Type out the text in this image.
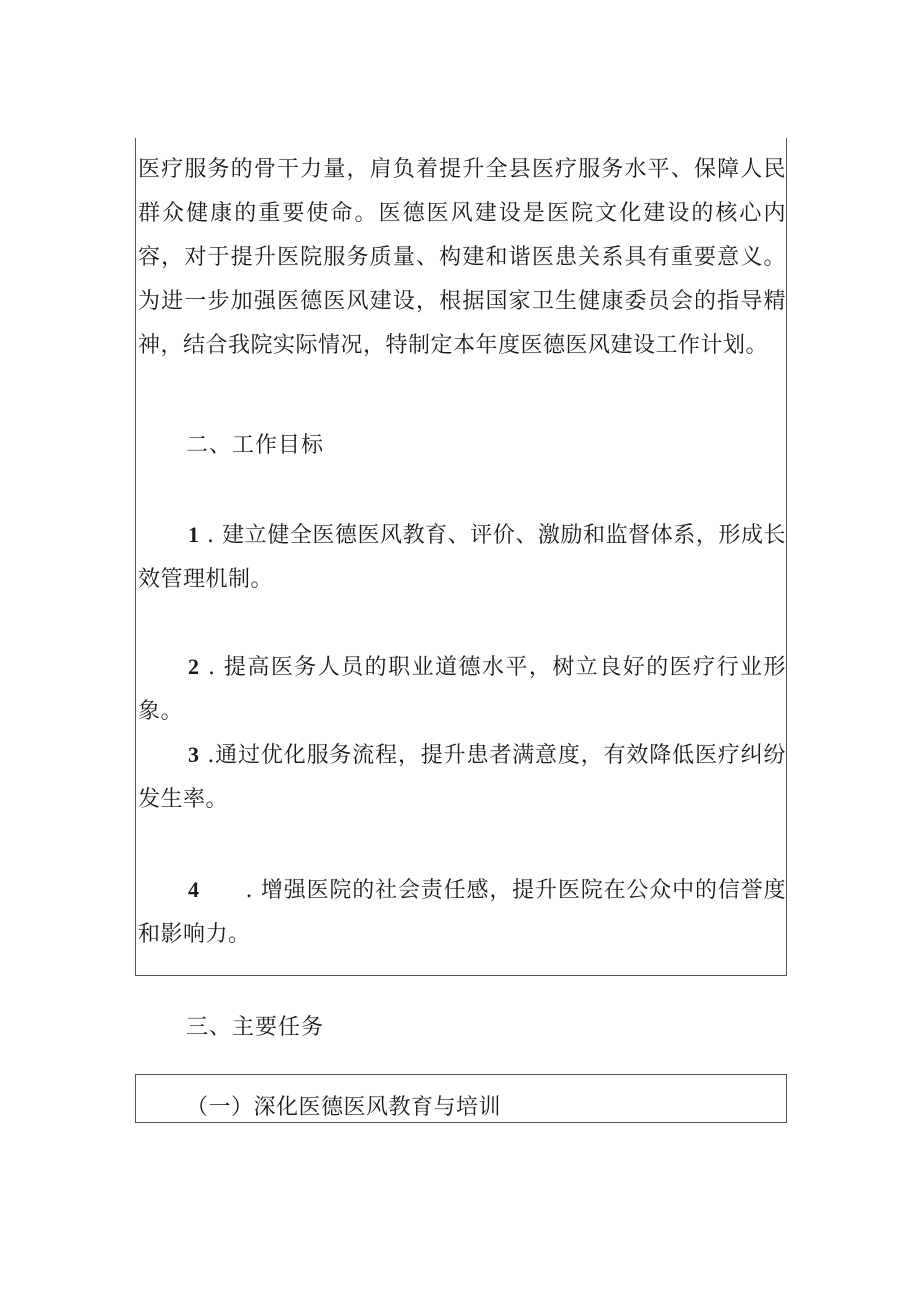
医疗服务的骨干力量，肩负着提升全县医疗服务水平、保障人民群众健康的重要使命。医德医风建设是医院文化建设的核心内容，对于提升医院服务质量、构建和谐医患关系具有重要意义。为进一步加强医德医风建设，根据国家卫生健康委员会的指导精神，结合我院实际情况，特制定本年度医德医风建设工作计划。

二、工作目标

1 . 建立健全医德医风教育、评价、激励和监督体系，形成长效管理机制。

2 . 提高医务人员的职业道德水平，树立良好的医疗行业形象。

3 .通过优化服务流程，提升患者满意度，有效降低医疗纠纷发生率。

4　　. 增强医院的社会责任感，提升医院在公众中的信誉度和影响力。

三、主要任务

（一）深化医德医风教育与培训
